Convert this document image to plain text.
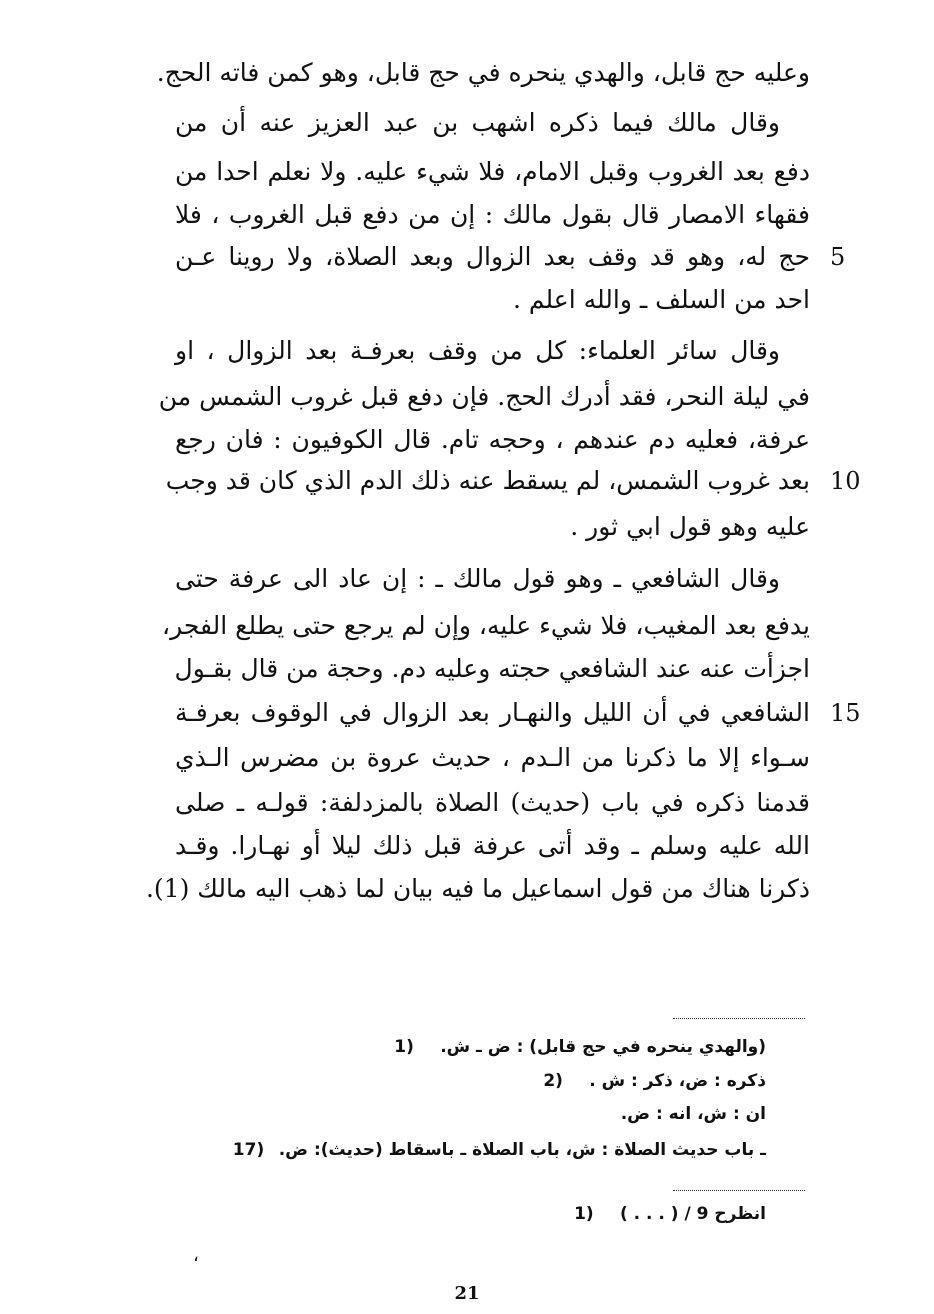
وعليه حج قابل، والهدي ينحره في حج قابل، وهو كمن فاته الحج.
وقال مالك فيما ذكره اشهب بن عبد العزيز عنه أن من
دفع بعد الغروب وقبل الامام، فلا شيء عليه. ولا نعلم احدا من
فقهاء الامصار قال بقول مالك : إن من دفع قبل الغروب ، فلا
حج له، وهو قد وقف بعد الزوال وبعد الصلاة، ولا روينا عـن 5
احد من السلف ـ والله اعلم .
وقال سائر العلماء: كل من وقف بعرفـة بعد الزوال ، او
في ليلة النحر، فقد أدرك الحج. فإن دفع قبل غروب الشمس من
عرفة، فعليه دم عندهم ، وحجه تام. قال الكوفيون : فان رجع
بعد غروب الشمس، لم يسقط عنه ذلك الدم الذي كان قد وجب 10
عليه وهو قول ابي ثور .
وقال الشافعي ـ وهو قول مالك ـ : إن عاد الى عرفة حتى
يدفع بعد المغيب، فلا شيء عليه، وإن لم يرجع حتى يطلع الفجر،
اجزأت عنه عند الشافعي حجته وعليه دم. وحجة من قال بقـول
الشافعي في أن الليل والنهـار بعد الزوال في الوقوف بعرفـة 15
سـواء إلا ما ذكرنا من الـدم ، حديث عروة بن مضرس الـذي
قدمنا ذكره في باب (حديث) الصلاة بالمزدلفة: قولـه ـ صلى
الله عليه وسلم ـ وقد أتى عرفة قبل ذلك ليلا أو نهـارا. وقـد
ذكرنا هناك من قول اسماعيل ما فيه بيان لما ذهب اليه مالك (1).
(والهدي ينحره في حج قابل) : ض ـ ش. 1)
ذكره : ض، ذكر : ش . 2)
ان : ش، انه : ض.
ـ باب حديث الصلاة : ش، باب الصلاة ـ باسقاط (حديث): ض. 17)
انظرح 9 / ( . . . ) 1)
،
21
